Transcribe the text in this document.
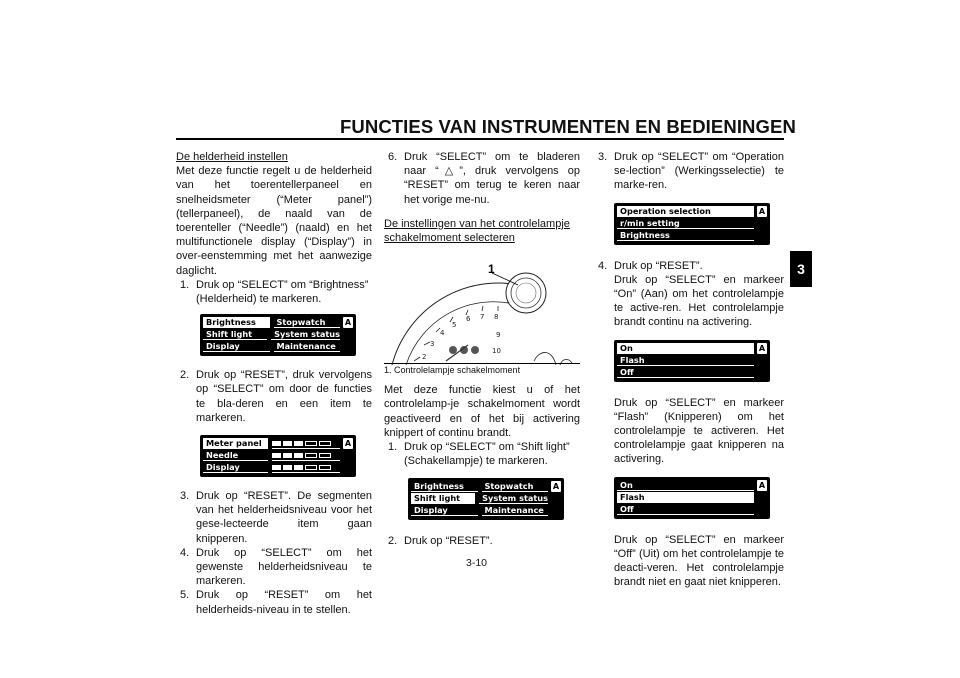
FUNCTIES VAN INSTRUMENTEN EN BEDIENINGEN
3

De helderheid instellen

Met deze functie regelt u de helderheid van het toerentellerpaneel en snelheidsmeter (“Meter panel”) (tellerpaneel), de naald van de toerenteller (“Needle”) (naald) en het multifunctionele display (“Display”) in over-eenstemming met het aanwezige daglicht.

1. Druk op “SELECT” om “Brightness” (Helderheid) te markeren.
Brightness	Stopwatch	A
Shift light	System status
Display	Maintenance
2. Druk op “RESET”, druk vervolgens op “SELECT” om door de functies te bla-deren en een item te markeren.
Meter panel	A
Needle
Display
3. Druk op “RESET”. De segmenten van het helderheidsniveau voor het gese-lecteerde item gaan knipperen.
4. Druk op “SELECT” om het gewenste helderheidsniveau te markeren.
5. Druk op “RESET” om het helderheids-niveau in te stellen.
6. Druk “SELECT” om te bladeren naar “△”, druk vervolgens op “RESET” om terug te keren naar het vorige me-nu.

De instellingen van het controlelampje schakelmoment selecteren

2
3
4
5
6 7 8
9
10
1
1. Controlelampje schakelmoment

Met deze functie kiest u of het controlelamp-je schakelmoment wordt geactiveerd en of het bij activering knippert of continu brandt.

1. Druk op “SELECT” om “Shift light” (Schakellampje) te markeren.
Brightness	Stopwatch	A
Shift light	System status
Display	Maintenance
2. Druk op “RESET”.
3. Druk op “SELECT” om “Operation se-lection” (Werkingsselectie) te marke-ren.
Operation selection	A
r/min setting
Brightness
4. Druk op “RESET”.

Druk op “SELECT” en markeer “On” (Aan) om het controlelampje te active-ren. Het controlelampje brandt continu na activering.

On	A
Flash
Off

Druk op “SELECT” en markeer “Flash” (Knipperen) om het controlelampje te activeren. Het controlelampje gaat knipperen na activering.

On	A
Flash
Off

Druk op “SELECT” en markeer “Off” (Uit) om het controlelampje te deacti-veren. Het controlelampje brandt niet en gaat niet knipperen.

3-10
